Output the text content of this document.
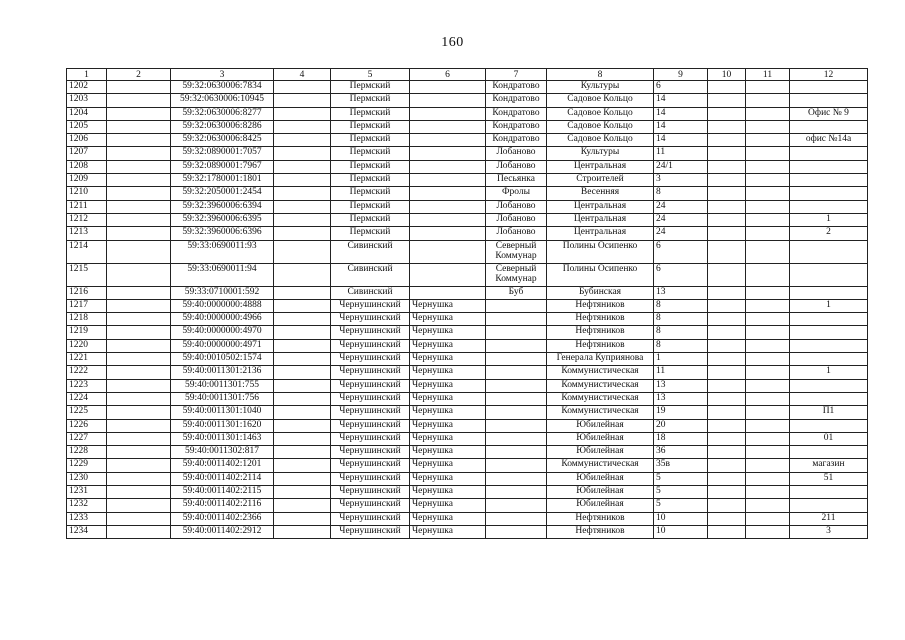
160
1	2	3	4	5	6	7	8	9	10	11	12
1202		59:32:0630006:7834		Пермский		Кондратово	Культуры	6			
1203		59:32:0630006:10945		Пермский		Кондратово	Садовое Кольцо	14			
1204		59:32:0630006:8277		Пермский		Кондратово	Садовое Кольцо	14			Офис № 9
1205		59:32:0630006:8286		Пермский		Кондратово	Садовое Кольцо	14			
1206		59:32:0630006:8425		Пермский		Кондратово	Садовое Кольцо	14			офис №14а
1207		59:32:0890001:7057		Пермский		Лобаново	Культуры	11			
1208		59:32:0890001:7967		Пермский		Лобаново	Центральная	24/1			
1209		59:32:1780001:1801		Пермский		Песьянка	Строителей	3			
1210		59:32:2050001:2454		Пермский		Фролы	Весенняя	8			
1211		59:32:3960006:6394		Пермский		Лобаново	Центральная	24			
1212		59:32:3960006:6395		Пермский		Лобаново	Центральная	24			1
1213		59:32:3960006:6396		Пермский		Лобаново	Центральная	24			2
1214		59:33:0690011:93		Сивинский		Северный Коммунар	Полины Осипенко	6			
1215		59:33:0690011:94		Сивинский		Северный Коммунар	Полины Осипенко	6			
1216		59:33:0710001:592		Сивинский		Буб	Бубинская	13			
1217		59:40:0000000:4888		Чернушинский	Чернушка		Нефтяников	8			1
1218		59:40:0000000:4966		Чернушинский	Чернушка		Нефтяников	8			
1219		59:40:0000000:4970		Чернушинский	Чернушка		Нефтяников	8			
1220		59:40:0000000:4971		Чернушинский	Чернушка		Нефтяников	8			
1221		59:40:0010502:1574		Чернушинский	Чернушка		Генерала Куприянова	1			
1222		59:40:0011301:2136		Чернушинский	Чернушка		Коммунистическая	11			1
1223		59:40:0011301:755		Чернушинский	Чернушка		Коммунистическая	13			
1224		59:40:0011301:756		Чернушинский	Чернушка		Коммунистическая	13			
1225		59:40:0011301:1040		Чернушинский	Чернушка		Коммунистическая	19			П1
1226		59:40:0011301:1620		Чернушинский	Чернушка		Юбилейная	20			
1227		59:40:0011301:1463		Чернушинский	Чернушка		Юбилейная	18			01
1228		59:40:0011302:817		Чернушинский	Чернушка		Юбилейная	36			
1229		59:40:0011402:1201		Чернушинский	Чернушка		Коммунистическая	35в			магазин
1230		59:40:0011402:2114		Чернушинский	Чернушка		Юбилейная	5			51
1231		59:40:0011402:2115		Чернушинский	Чернушка		Юбилейная	5			
1232		59:40:0011402:2116		Чернушинский	Чернушка		Юбилейная	5			
1233		59:40:0011402:2366		Чернушинский	Чернушка		Нефтяников	10			211
1234		59:40:0011402:2912		Чернушинский	Чернушка		Нефтяников	10			3
